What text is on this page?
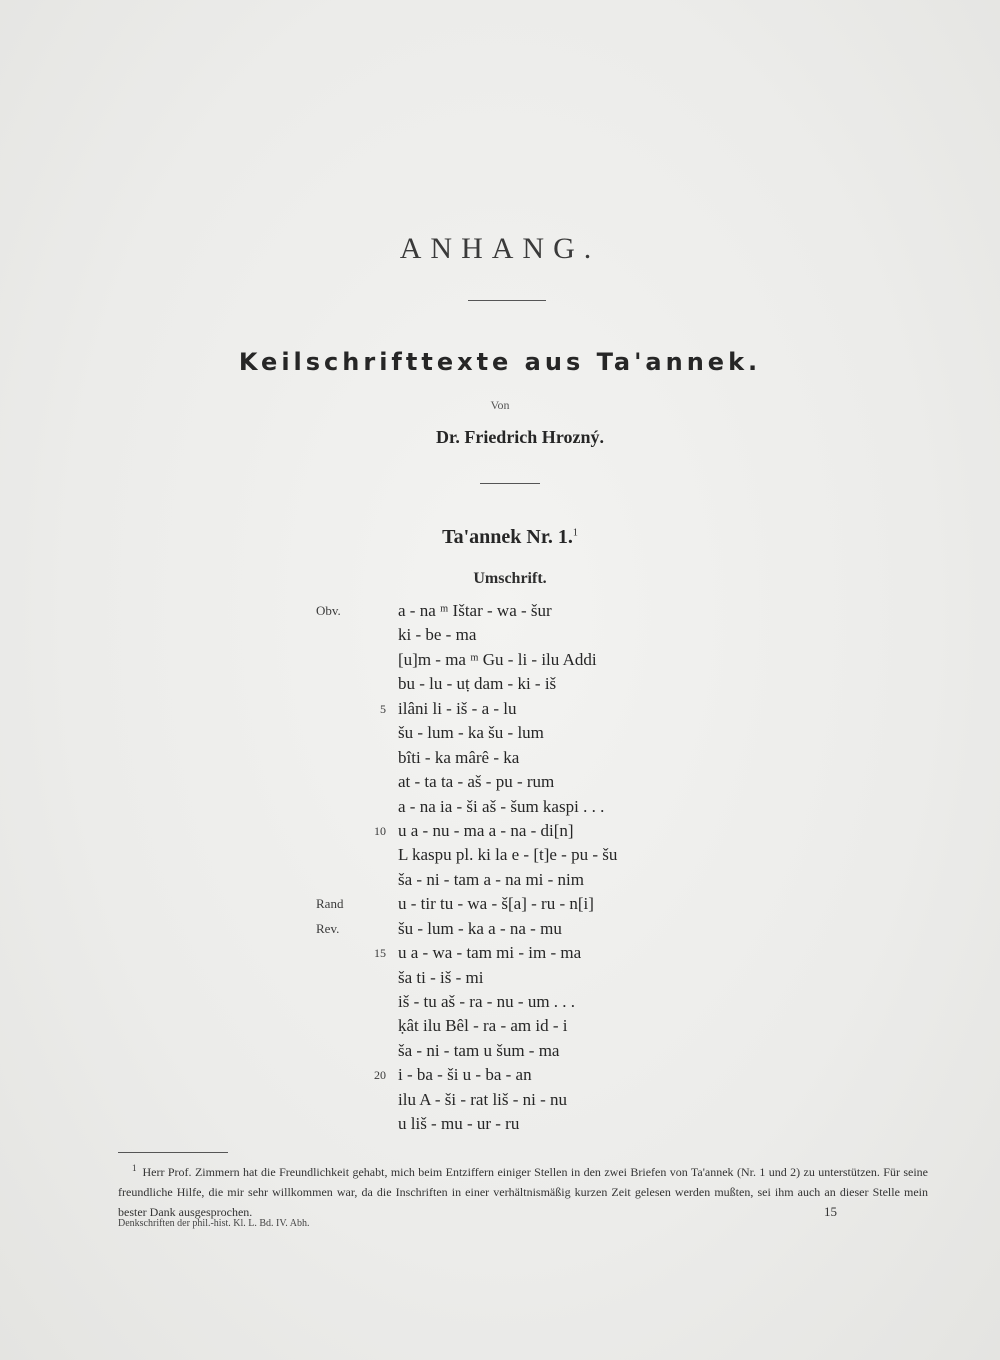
ANHANG.
Keilschrifttexte aus Ta'annek.
Von
Dr. Friedrich Hrozný.
Ta'annek Nr. 1.$^1$
Umschrift.
Obv.	a - na ᵐ Ištar - wa - šur
ki - be - ma
[u]m - ma ᵐ Gu - li - ilu Addi
bu - lu - uṭ dam - ki - iš
5 ilâni li - iš - a - lu
šu - lum - ka šu - lum
bîti - ka mârê - ka
at - ta ta - aš - pu - rum
a - na ia - ši aš - šum kaspi . . .
10 u a - nu - ma a - na - di[n]
L kaspu pl. ki la e - [t]e - pu - šu
ša - ni - tam a - na mi - nim
Rand	u - tir tu - wa - š[a] - ru - n[i]
Rev.	šu - lum - ka a - na - mu
15 u a - wa - tam mi - im - ma
ša ti - iš - mi
iš - tu aš - ra - nu - um . . .
ḳât ilu Bêl - ra - am id - i
ša - ni - tam u šum - ma
20 i - ba - ši u - ba - an
ilu A - ši - rat liš - ni - nu
u liš - mu - ur - ru
$^1$ Herr Prof. Zimmern hat die Freundlichkeit gehabt, mich beim Entziffern einiger Stellen in den zwei Briefen von Ta'annek (Nr. 1 und 2) zu unterstützen. Für seine freundliche Hilfe, die mir sehr willkommen war, da die Inschriften in einer verhältnismäßig kurzen Zeit gelesen werden mußten, sei ihm auch an dieser Stelle mein bester Dank ausgesprochen.
Denkschriften der phil.-hist. Kl. L. Bd. IV. Abh.
15
